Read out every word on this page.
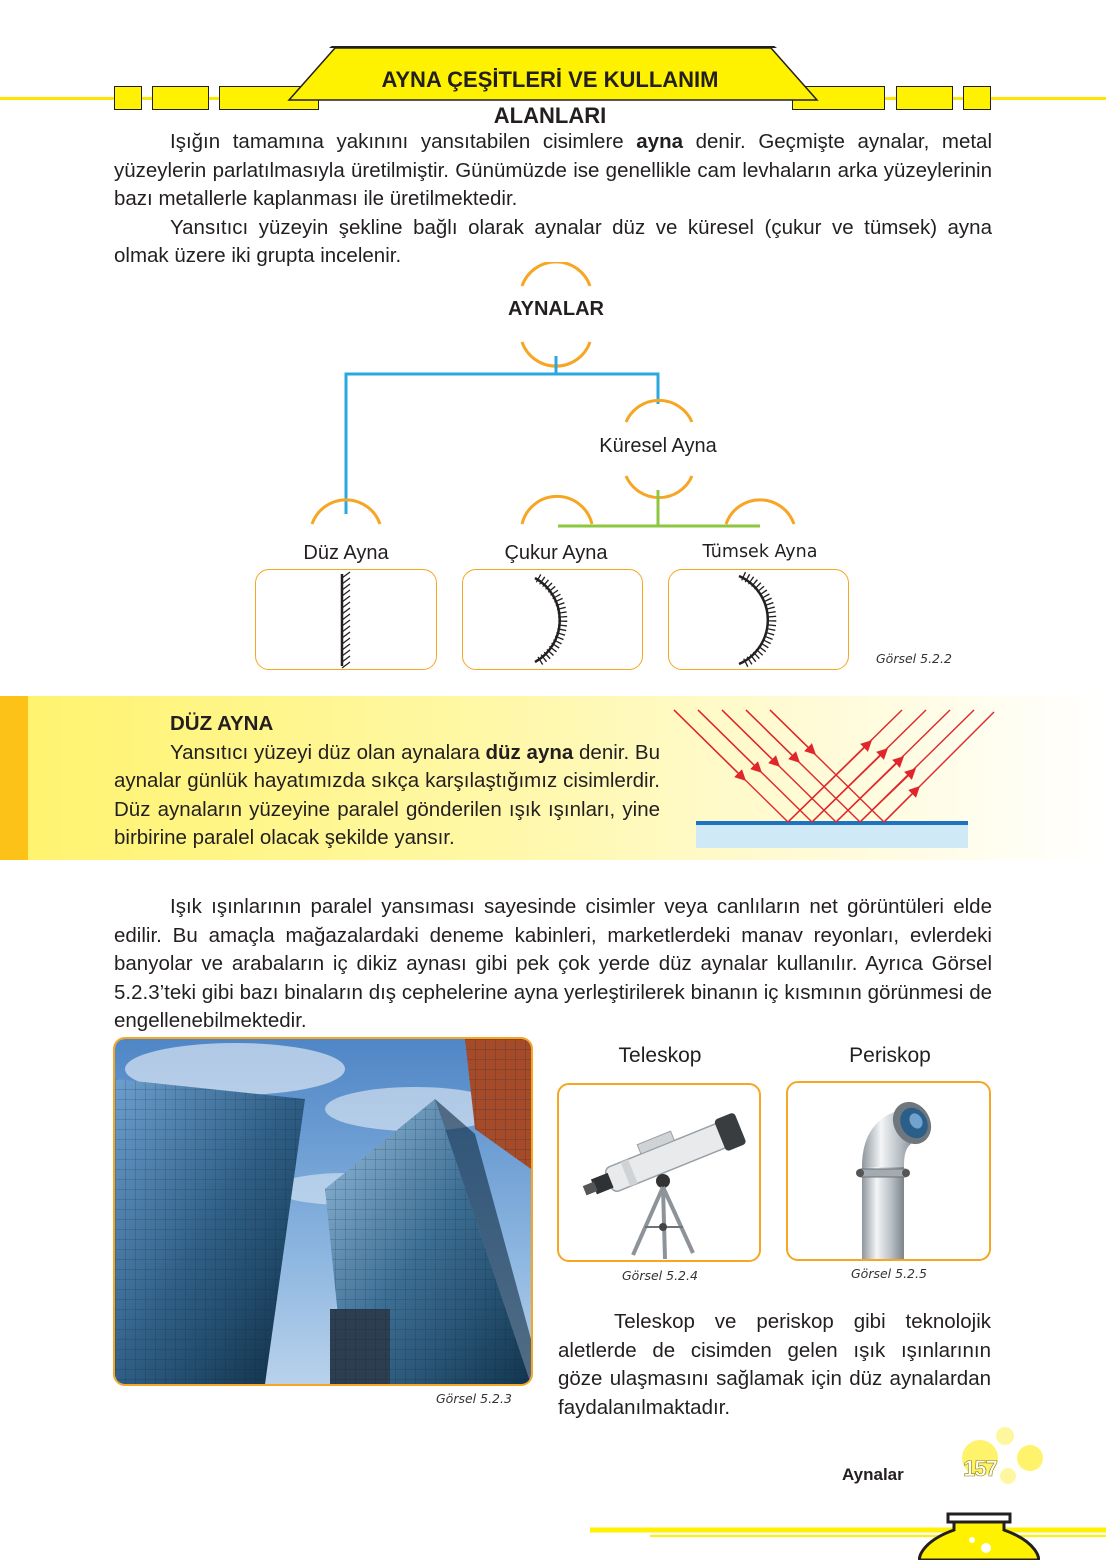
AYNA ÇEŞİTLERİ VE KULLANIM ALANLARI

Işığın tamamına yakınını yansıtabilen cisimlere ayna denir. Geçmişte aynalar, metal yüzeylerin parlatılmasıyla üretilmiştir. Günümüzde ise genellikle cam levhaların arka yüzeylerinin bazı metallerle kaplanması ile üretilmektedir.

Yansıtıcı yüzeyin şekline bağlı olarak aynalar düz ve küresel (çukur ve tümsek) ayna olmak üzere iki grupta incelenir.

AYNALAR
Küresel Ayna
Düz Ayna	Çukur Ayna	Tümsek Ayna
Görsel 5.2.2
DÜZ AYNA

Yansıtıcı yüzeyi düz olan aynalara düz ayna denir. Bu aynalar günlük hayatımızda sıkça karşılaştığımız cisimlerdir. Düz aynaların yüzeyine paralel gönderilen ışık ışınları, yine birbirine paralel olacak şekilde yansır.

Işık ışınlarının paralel yansıması sayesinde cisimler veya canlıların net görüntüleri elde edilir. Bu amaçla mağazalardaki deneme kabinleri, marketlerdeki manav reyonları, evlerdeki banyolar ve arabaların iç dikiz aynası gibi pek çok yerde düz aynalar kullanılır. Ayrıca Görsel 5.2.3’teki gibi bazı binaların dış cephelerine ayna yerleştirilerek binanın iç kısmının görünmesi de engellenebilmektedir.

Görsel 5.2.3
Teleskop	Periskop
Görsel 5.2.4	Görsel 5.2.5

Teleskop ve periskop gibi teknolojik aletlerde de cisimden gelen ışık ışınlarının göze ulaşmasını sağlamak için düz aynalardan faydalanılmaktadır.

Aynalar	157
